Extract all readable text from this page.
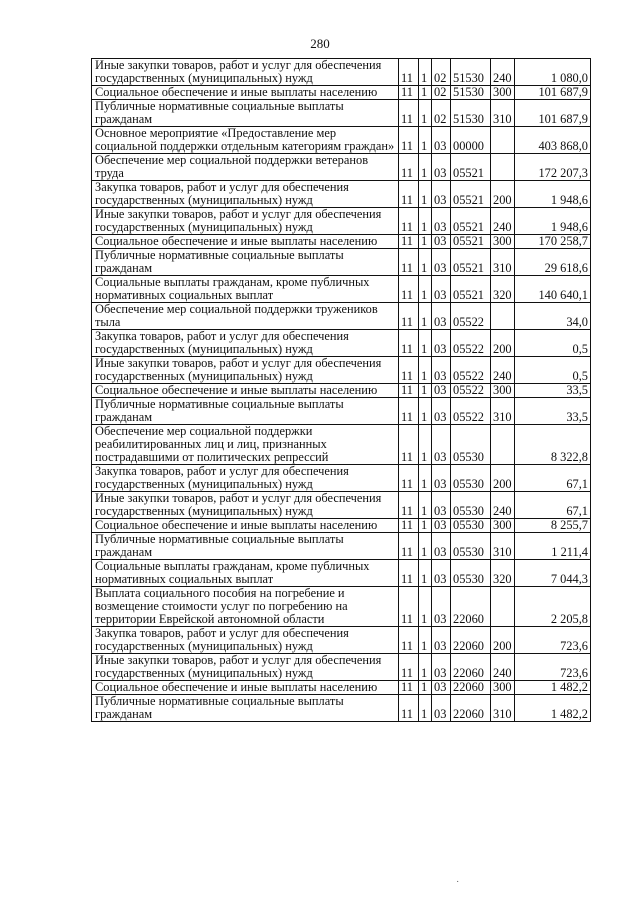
280
Иные закупки товаров, работ и услуг для обеспечения государственных (муниципальных) нужд	11	1	02	51530	240	1 080,0
Социальное обеспечение и иные выплаты населению	11	1	02	51530	300	101 687,9
Публичные нормативные социальные выплаты гражданам	11	1	02	51530	310	101 687,9
Основное мероприятие «Предоставление мер социальной поддержки отдельным категориям граждан»	11	1	03	00000		403 868,0
Обеспечение мер социальной поддержки ветеранов труда	11	1	03	05521		172 207,3
Закупка товаров, работ и услуг для обеспечения государственных (муниципальных) нужд	11	1	03	05521	200	1 948,6
Иные закупки товаров, работ и услуг для обеспечения государственных (муниципальных) нужд	11	1	03	05521	240	1 948,6
Социальное обеспечение и иные выплаты населению	11	1	03	05521	300	170 258,7
Публичные нормативные социальные выплаты гражданам	11	1	03	05521	310	29 618,6
Социальные выплаты гражданам, кроме публичных нормативных социальных выплат	11	1	03	05521	320	140 640,1
Обеспечение мер социальной поддержки тружеников тыла	11	1	03	05522		34,0
Закупка товаров, работ и услуг для обеспечения государственных (муниципальных) нужд	11	1	03	05522	200	0,5
Иные закупки товаров, работ и услуг для обеспечения государственных (муниципальных) нужд	11	1	03	05522	240	0,5
Социальное обеспечение и иные выплаты населению	11	1	03	05522	300	33,5
Публичные нормативные социальные выплаты гражданам	11	1	03	05522	310	33,5
Обеспечение мер социальной поддержки реабилитированных лиц и лиц, признанных пострадавшими от политических репрессий	11	1	03	05530		8 322,8
Закупка товаров, работ и услуг для обеспечения государственных (муниципальных) нужд	11	1	03	05530	200	67,1
Иные закупки товаров, работ и услуг для обеспечения государственных (муниципальных) нужд	11	1	03	05530	240	67,1
Социальное обеспечение и иные выплаты населению	11	1	03	05530	300	8 255,7
Публичные нормативные социальные выплаты гражданам	11	1	03	05530	310	1 211,4
Социальные выплаты гражданам, кроме публичных нормативных социальных выплат	11	1	03	05530	320	7 044,3
Выплата социального пособия на погребение и возмещение стоимости услуг по погребению на территории Еврейской автономной области	11	1	03	22060		2 205,8
Закупка товаров, работ и услуг для обеспечения государственных (муниципальных) нужд	11	1	03	22060	200	723,6
Иные закупки товаров, работ и услуг для обеспечения государственных (муниципальных) нужд	11	1	03	22060	240	723,6
Социальное обеспечение и иные выплаты населению	11	1	03	22060	300	1 482,2
Публичные нормативные социальные выплаты гражданам	11	1	03	22060	310	1 482,2
˙
